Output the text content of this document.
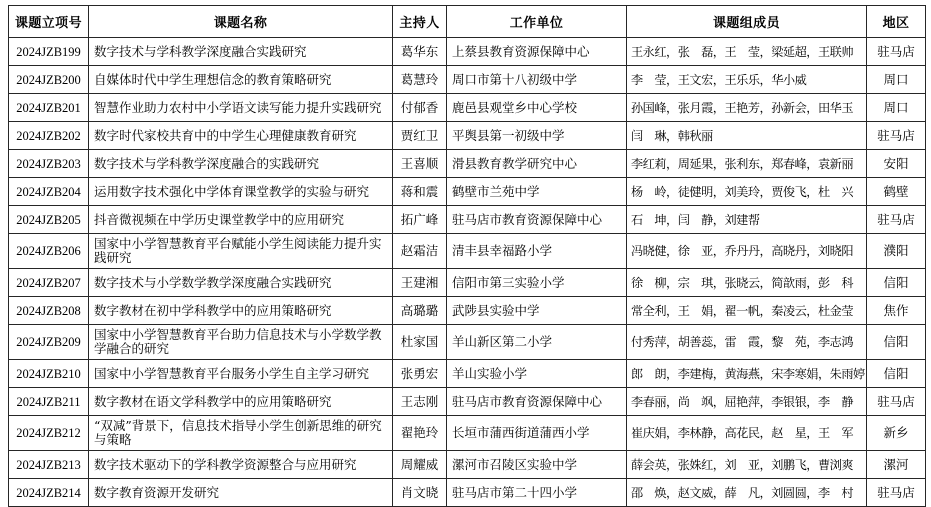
课题立项号	课题名称	主持人	工作单位	课题组成员	地区
2024JZB199	数字技术与学科教学深度融合实践研究	葛华东	上蔡县教育资源保障中心	王永红，张　磊，王　莹，梁延超，王联帅	驻马店
2024JZB200	自媒体时代中学生理想信念的教育策略研究	葛慧玲	周口市第十八初级中学	李　莹，王文宏，王乐乐，华小威	周口
2024JZB201	智慧作业助力农村中小学语文读写能力提升实践研究	付郁香	鹿邑县观堂乡中心学校	孙国峰，张月霞，王艳芳，孙新会，田华玉	周口
2024JZB202	数字时代家校共育中的中学生心理健康教育研究	贾红卫	平舆县第一初级中学	闫　琳，韩秋丽	驻马店
2024JZB203	数字技术与学科教学深度融合的实践研究	王喜顺	滑县教育教学研究中心	李红莉，周延果，张利东，郑春峰，袁新丽	安阳
2024JZB204	运用数字技术强化中学体育课堂教学的实验与研究	蒋和震	鹤壁市兰苑中学	杨　岭，徒健明，刘美玲，贾俊飞，杜　兴	鹤壁
2024JZB205	抖音微视频在中学历史课堂教学中的应用研究	拓广峰	驻马店市教育资源保障中心	石　坤，闫　静，刘建帮	驻马店
2024JZB206	国家中小学智慧教育平台赋能小学生阅读能力提升实践研究	赵霜洁	清丰县幸福路小学	冯晓健，徐　亚，乔丹丹，高晓丹，刘晓阳	濮阳
2024JZB207	数字技术与小学数学教学深度融合实践研究	王建湘	信阳市第三实验小学	徐　柳，宗　琪，张晓云，简歆雨，彭　科	信阳
2024JZB208	数字教材在初中学科教学中的应用策略研究	高璐璐	武陟县实验中学	常全利，王　娟，翟一帆，秦凌云，杜金莹	焦作
2024JZB209	国家中小学智慧教育平台助力信息技术与小学数学教学融合的研究	杜家国	羊山新区第二小学	付秀萍，胡善蕊，雷　霞，黎　苑，李志鸿	信阳
2024JZB210	国家中小学智慧教育平台服务小学生自主学习研究	张勇宏	羊山实验小学	郎　朗，李建梅，黄海燕，宋李寒娟，朱雨婷	信阳
2024JZB211	数字教材在语文学科教学中的应用策略研究	王志刚	驻马店市教育资源保障中心	李春丽，尚　飒，屈艳萍，李银银，李　静	驻马店
2024JZB212	“双减”背景下，信息技术指导小学生创新思维的研究与策略	翟艳玲	长垣市蒲西街道蒲西小学	崔庆娟，李林静，高花民，赵　星，王　军	新乡
2024JZB213	数字技术驱动下的学科教学资源整合与应用研究	周耀威	漯河市召陵区实验中学	薛会英，张姝红，刘　亚，刘鹏飞，曹浏爽	漯河
2024JZB214	数字教育资源开发研究	肖文晓	驻马店市第二十四小学	邵　焕，赵文威，薛　凡，刘圆圆，李　村	驻马店
